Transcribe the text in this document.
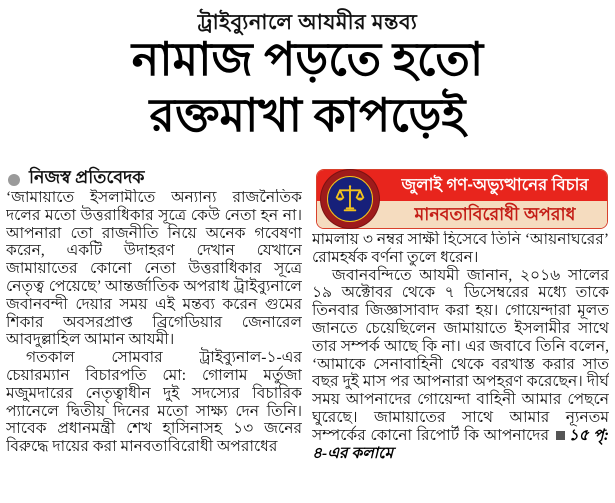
ট্রাইব্যুনালে আযমীর মন্তব্য
নামাজ পড়তে হতো
রক্তমাখা কাপড়েই
নিজস্ব প্রতিবেদক	জুলাই গণ-অভ্যুত্থানের বিচার
মানবতাবিরোধী অপরাধ

‘জামায়াতে ইসলামীতে অন্যান্য রাজনৈতিক দলের মতো উত্তরাধিকার সূত্রে কেউ নেতা হন না। আপনারা তো রাজনীতি নিয়ে অনেক গবেষণা করেন, একটি উদাহরণ দেখান যেখানে জামায়াতের কোনো নেতা উত্তরাধিকার সূত্রে নেতৃত্ব পেয়েছে’ আন্তর্জাতিক অপরাধ ট্রাইব্যুনালে জবানবন্দী দেয়ার সময় এই মন্তব্য করেন গুমের শিকার অবসরপ্রাপ্ত ব্রিগেডিয়ার জেনারেল আবদুল্লাহিল আমান আযমী।

গতকাল সোমবার ট্রাইব্যুনাল-১-এর চেয়ারম্যান বিচারপতি মো: গোলাম মর্তুজা মজুমদারের নেতৃত্বাধীন দুই সদস্যের বিচারিক প্যানেলে দ্বিতীয় দিনের মতো সাক্ষ্য দেন তিনি। সাবেক প্রধানমন্ত্রী শেখ হাসিনাসহ ১৩ জনের বিরুদ্ধে দায়ের করা মানবতাবিরোধী অপরাধের

মামলায় ৩ নম্বর সাক্ষী হিসেবে তিনি ‘আয়নাঘরের’ রোমহর্ষক বর্ণনা তুলে ধরেন।

জবানবন্দিতে আযমী জানান, ২০১৬ সালের ১৯ অক্টোবর থেকে ৭ ডিসেম্বরের মধ্যে তাকে তিনবার জিজ্ঞাসাবাদ করা হয়। গোয়েন্দারা মূলত জানতে চেয়েছিলেন জামায়াতে ইসলামীর সাথে তার সম্পর্ক আছে কি না। এর জবাবে তিনি বলেন, ‘আমাকে সেনাবাহিনী থেকে বরখাস্ত করার সাত বছর দুই মাস পর আপনারা অপহরণ করেছেন। দীর্ঘ সময় আপনাদের গোয়েন্দা বাহিনী আমার পেছনে ঘুরেছে। জামায়াতের সাথে আমার ন্যূনতম সম্পর্কের কোনো রিপোর্ট কি আপনাদের ১৫ পৃ: ৪-এর কলামে
